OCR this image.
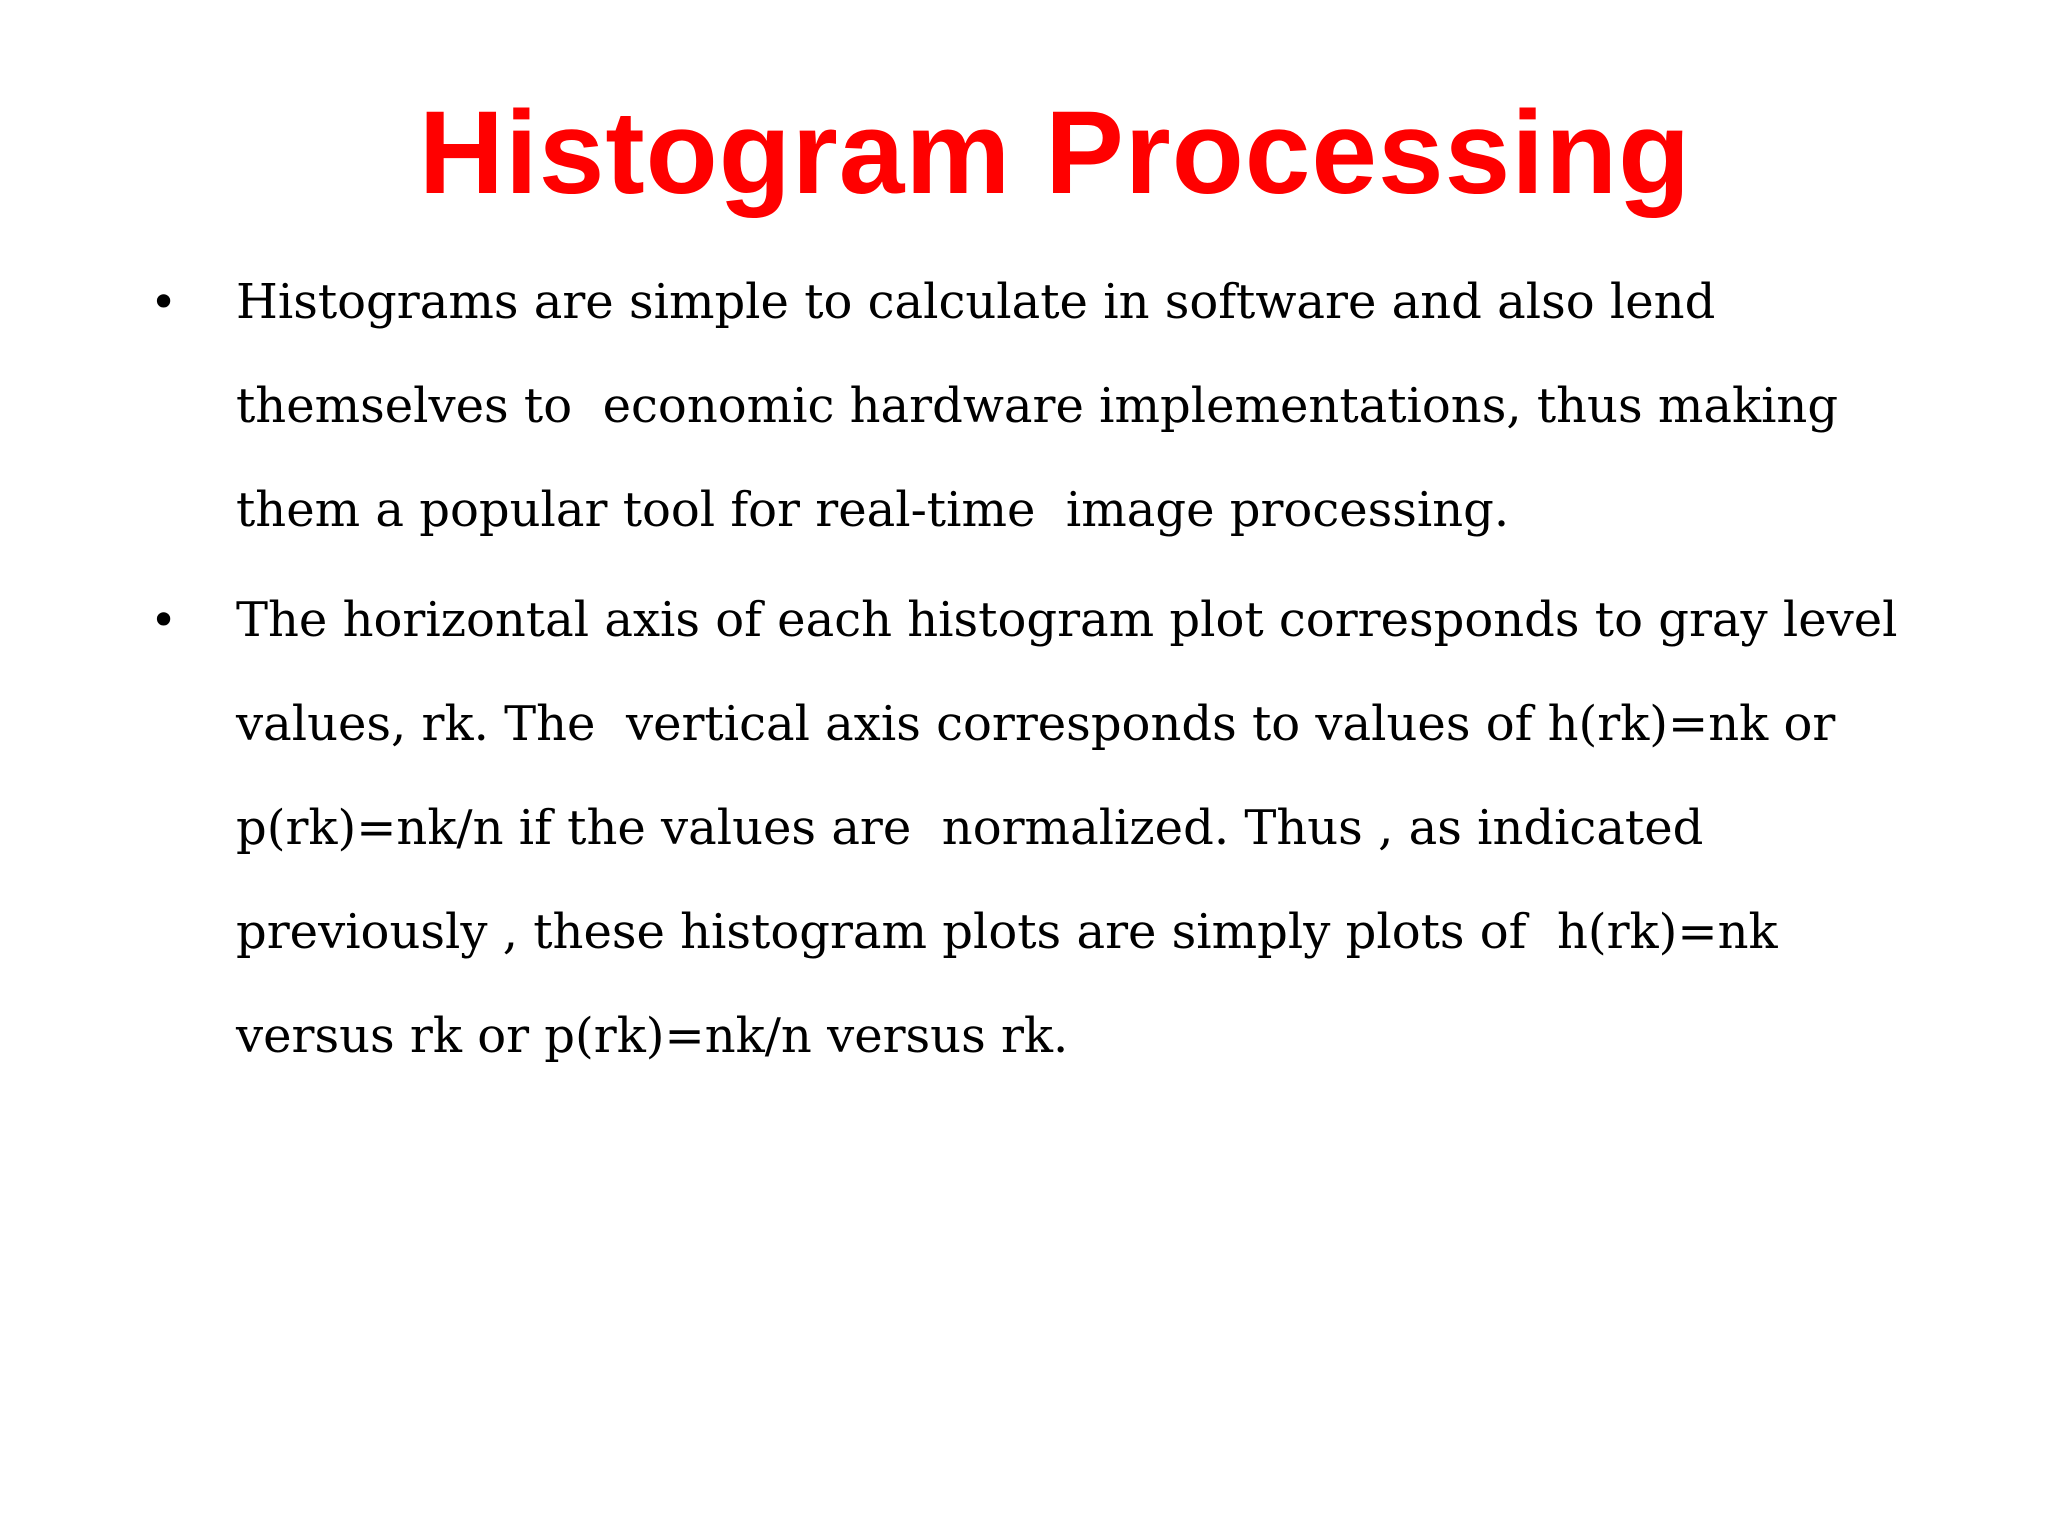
Histogram Processing
• Histograms are simple to calculate in software and also lend
themselves to  economic hardware implementations, thus making
them a popular tool for real-time  image processing.
• The horizontal axis of each histogram plot corresponds to gray level
values, rk. The  vertical axis corresponds to values of h(rk)=nk or
p(rk)=nk/n if the values are  normalized. Thus , as indicated
previously , these histogram plots are simply plots of  h(rk)=nk
versus rk or p(rk)=nk/n versus rk.
